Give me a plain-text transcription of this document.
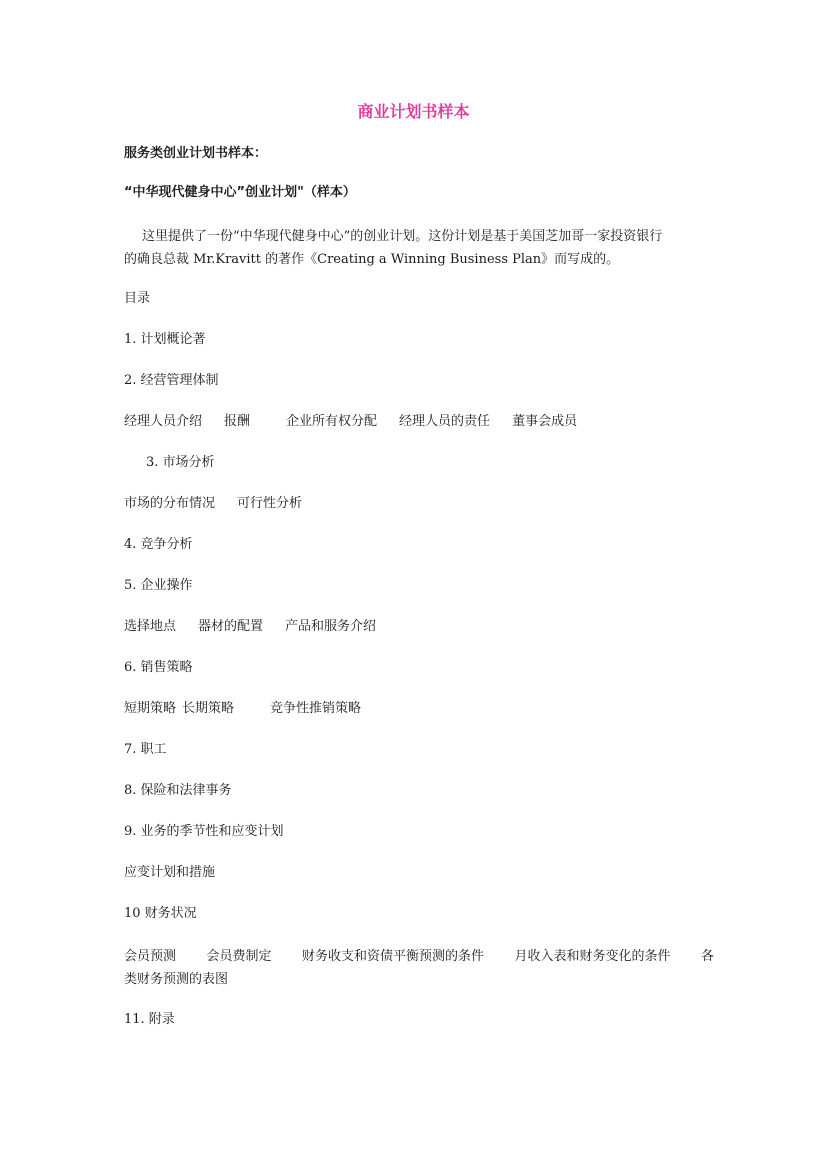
商业计划书样本
服务类创业计划书样本：
“中华现代健身中心”创业计划"（样本）

这里提供了一份“中华现代健身中心”的创业计划。这份计划是基于美国芝加哥一家投资银行

的确良总裁 Mr.Kravitt 的著作《Creating a Winning Business Plan》而写成的。

目录
1. 计划概论著
2. 经营管理体制
经理人员介绍 报酬	企业所有权分配 经理人员的责任 董事会成员
3. 市场分析
市场的分布情况 可行性分析
4. 竞争分析
5. 企业操作
选择地点 器材的配置 产品和服务介绍
6. 销售策略
短期策略 长期策略	竞争性推销策略
7. 职工
8. 保险和法律事务
9. 业务的季节性和应变计划
应变计划和措施
10 财务状况
会员预测 会员费制定 财务收支和资债平衡预测的条件 月收入表和财务变化的条件 各
类财务预测的表图
11. 附录
